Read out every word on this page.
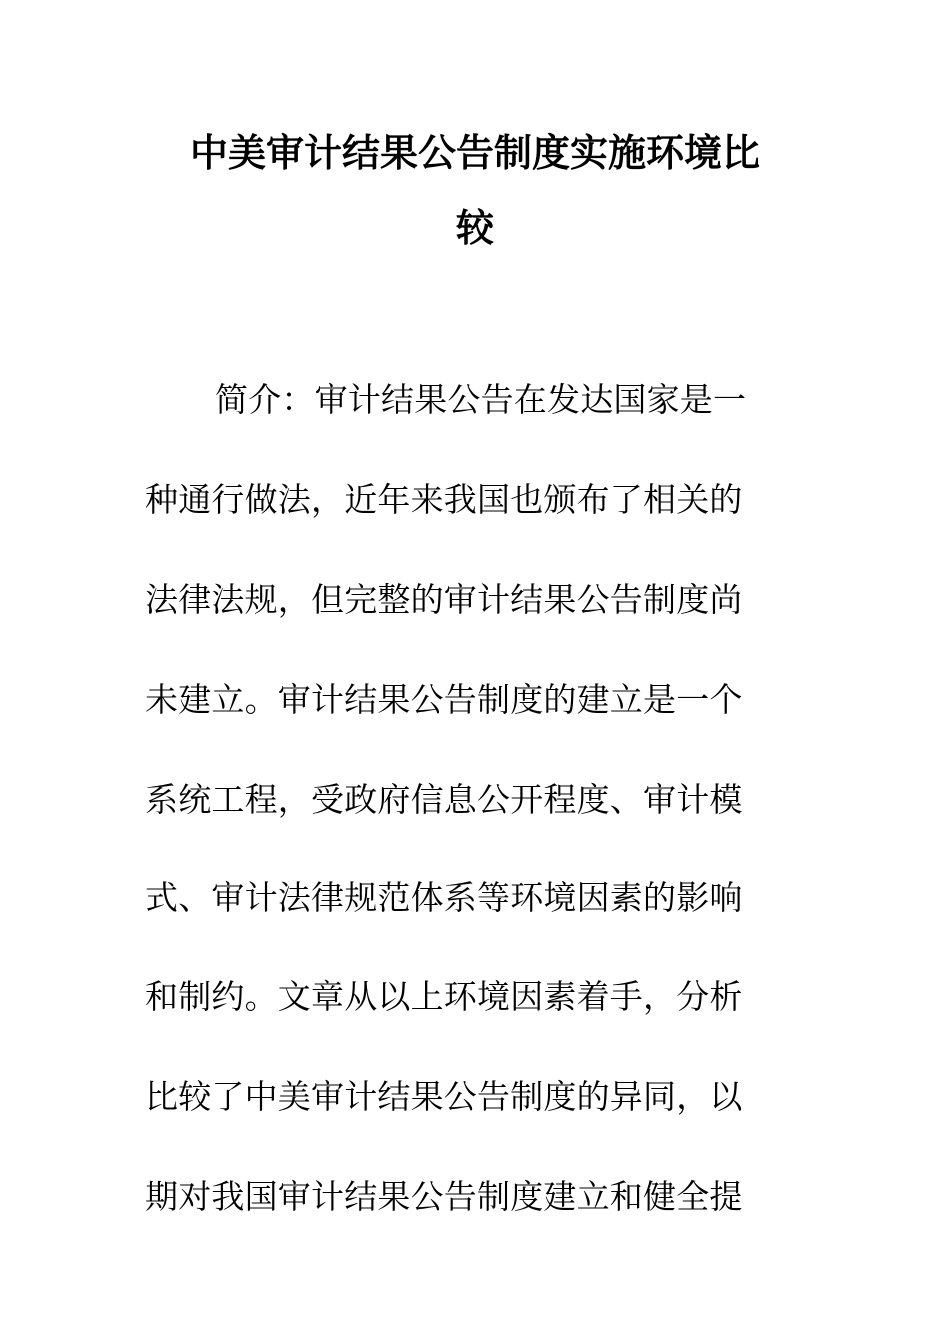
中美审计结果公告制度实施环境比
较
简介：审计结果公告在发达国家是一
种通行做法，近年来我国也颁布了相关的
法律法规，但完整的审计结果公告制度尚
未建立。审计结果公告制度的建立是一个
系统工程，受政府信息公开程度、审计模
式、审计法律规范体系等环境因素的影响
和制约。文章从以上环境因素着手，分析
比较了中美审计结果公告制度的异同，以
期对我国审计结果公告制度建立和健全提
